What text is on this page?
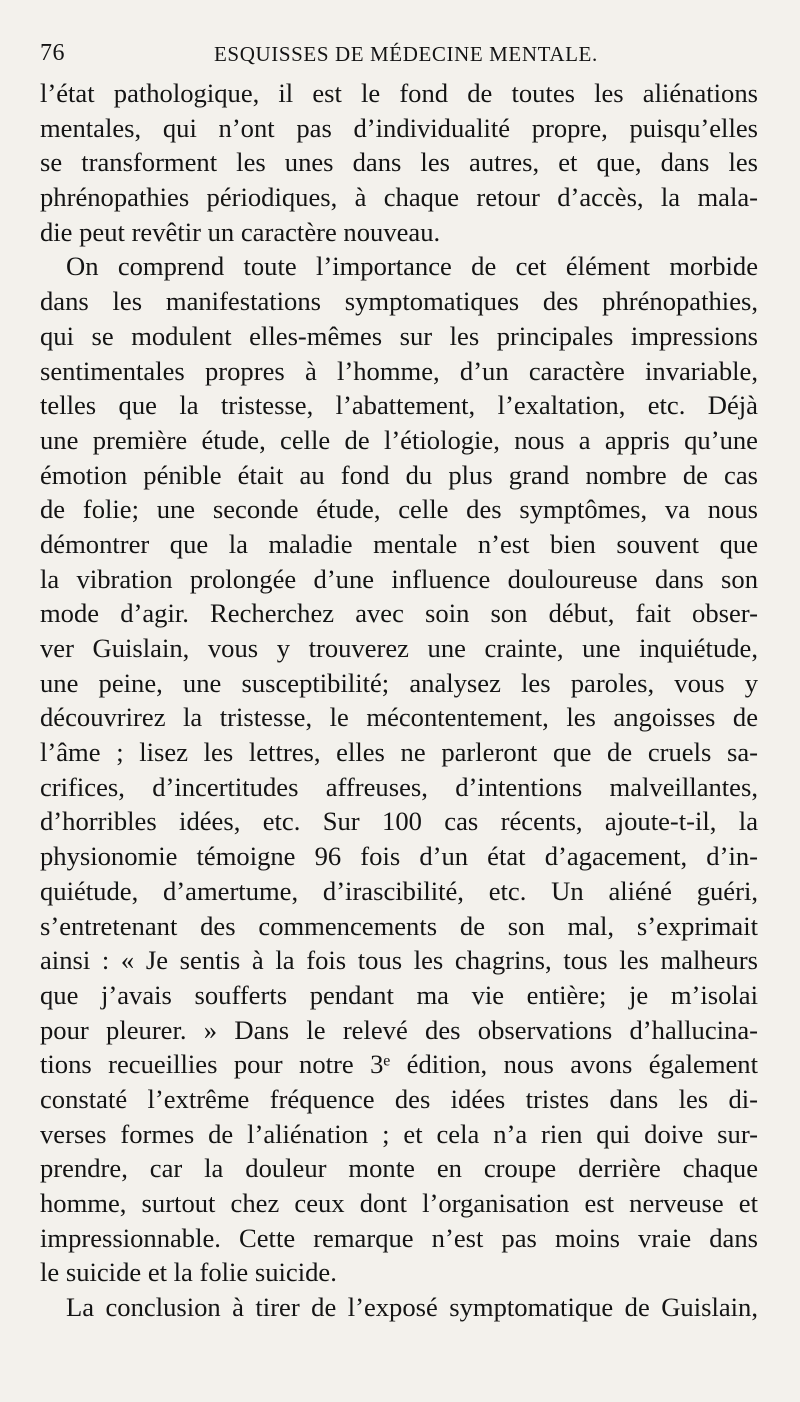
76	ESQUISSES DE MÉDECINE MENTALE.
l’état pathologique, il est le fond de toutes les aliénations
mentales, qui n’ont pas d’individualité propre, puisqu’elles
se transforment les unes dans les autres, et que, dans les
phrénopathies périodiques, à chaque retour d’accès, la mala-
die peut revêtir un caractère nouveau.
On comprend toute l’importance de cet élément morbide
dans les manifestations symptomatiques des phrénopathies,
qui se modulent elles-mêmes sur les principales impressions
sentimentales propres à l’homme, d’un caractère invariable,
telles que la tristesse, l’abattement, l’exaltation, etc. Déjà
une première étude, celle de l’étiologie, nous a appris qu’une
émotion pénible était au fond du plus grand nombre de cas
de folie; une seconde étude, celle des symptômes, va nous
démontrer que la maladie mentale n’est bien souvent que
la vibration prolongée d’une influence douloureuse dans son
mode d’agir. Recherchez avec soin son début, fait obser-
ver Guislain, vous y trouverez une crainte, une inquiétude,
une peine, une susceptibilité; analysez les paroles, vous y
découvrirez la tristesse, le mécontentement, les angoisses de
l’âme ; lisez les lettres, elles ne parleront que de cruels sa-
crifices, d’incertitudes affreuses, d’intentions malveillantes,
d’horribles idées, etc. Sur 100 cas récents, ajoute-t-il, la
physionomie témoigne 96 fois d’un état d’agacement, d’in-
quiétude, d’amertume, d’irascibilité, etc. Un aliéné guéri,
s’entretenant des commencements de son mal, s’exprimait
ainsi : « Je sentis à la fois tous les chagrins, tous les malheurs
que j’avais soufferts pendant ma vie entière; je m’isolai
pour pleurer. » Dans le relevé des observations d’hallucina-
tions recueillies pour notre 3ᵉ édition, nous avons également
constaté l’extrême fréquence des idées tristes dans les di-
verses formes de l’aliénation ; et cela n’a rien qui doive sur-
prendre, car la douleur monte en croupe derrière chaque
homme, surtout chez ceux dont l’organisation est nerveuse et
impressionnable. Cette remarque n’est pas moins vraie dans
le suicide et la folie suicide.
La conclusion à tirer de l’exposé symptomatique de Guislain,
